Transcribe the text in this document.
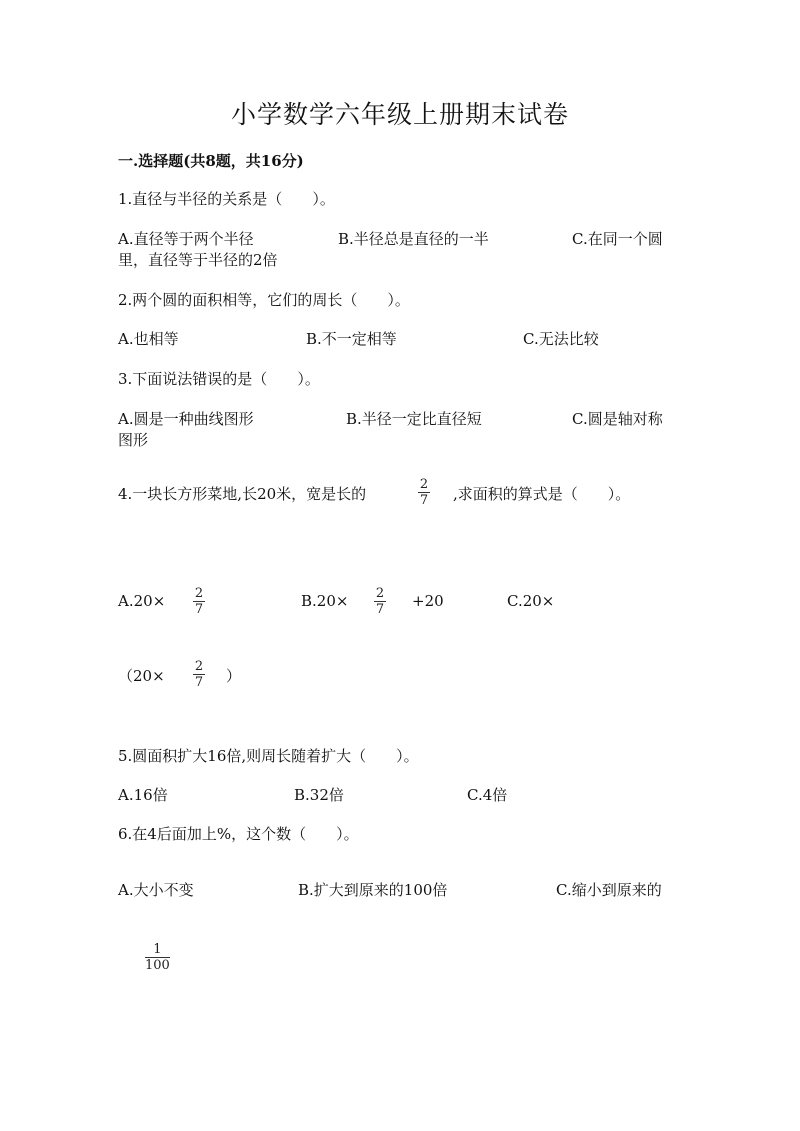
小学数学六年级上册期末试卷
一.选择题(共8题，共16分)
1.直径与半径的关系是（　　）。
A.直径等于两个半径	B.半径总是直径的一半	C.在同一个圆
里，直径等于半径的2倍
2.两个圆的面积相等，它们的周长（　　）。
A.也相等	B.不一定相等	C.无法比较
3.下面说法错误的是（　　）。
A.圆是一种曲线图形	B.半径一定比直径短	C.圆是轴对称
图形
4.一块长方形菜地,长20米，宽是长的
2
7 ,求面积的算式是（　　）。
A.20× 2
7	B.20× 2
7 +20	C.20×
（20×
2
7 ）
5.圆面积扩大16倍,则周长随着扩大（　　）。
A.16倍	B.32倍	C.4倍
6.在4后面加上%，这个数（　　）。
A.大小不变	B.扩大到原来的100倍	C.缩小到原来的
1
100
